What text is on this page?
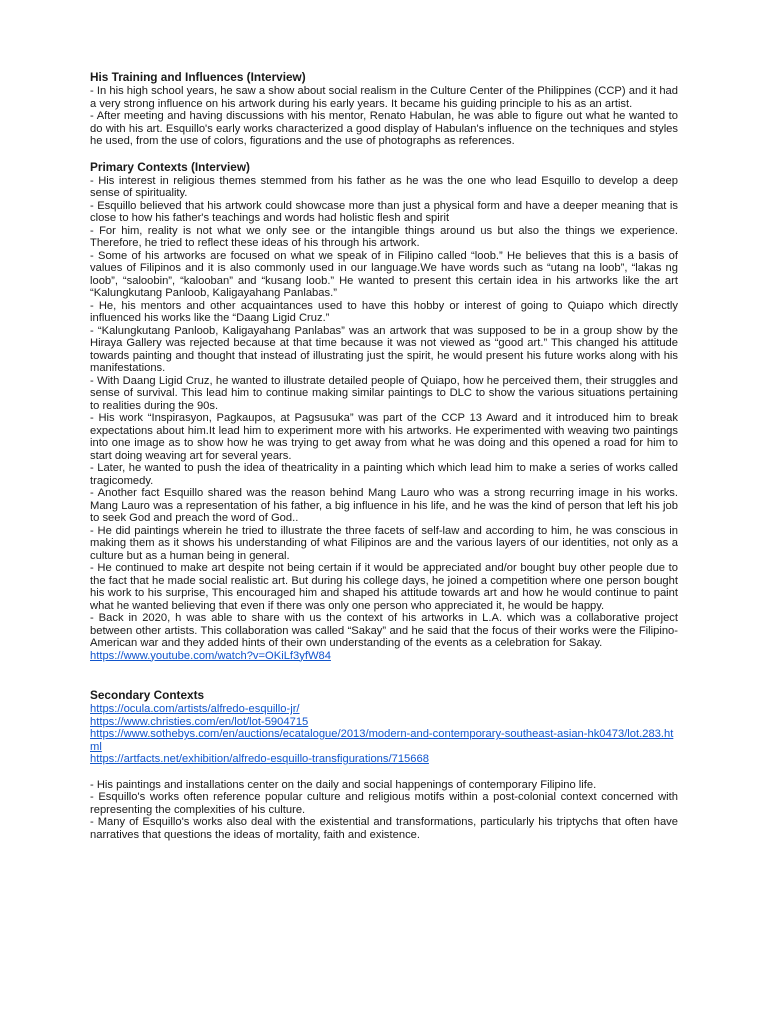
His Training and Influences (Interview)

- In his high school years, he saw a show about social realism in the Culture Center of the Philippines (CCP) and it had a very strong influence on his artwork during his early years. It became his guiding principle to his as an artist.

- After meeting and having discussions with his mentor, Renato Habulan, he was able to figure out what he wanted to do with his art. Esquillo's early works characterized a good display of Habulan's influence on the techniques and styles he used, from the use of colors, figurations and the use of photographs as references.

Primary Contexts (Interview)

- His interest in religious themes stemmed from his father as he was the one who lead Esquillo to develop a deep sense of spirituality.

- Esquillo believed that his artwork could showcase more than just a physical form and have a deeper meaning that is close to how his father's teachings and words had holistic flesh and spirit

- For him, reality is not what we only see or the intangible things around us but also the things we experience. Therefore, he tried to reflect these ideas of his through his artwork.

- Some of his artworks are focused on what we speak of in Filipino called “loob.” He believes that this is a basis of values of Filipinos and it is also commonly used in our language.We have words such as “utang na loob”, “lakas ng loob”, “saloobin”, “kalooban” and “kusang loob.” He wanted to present this certain idea in his artworks like the art “Kalungkutang Panloob, Kaligayahang Panlabas.”

- He, his mentors and other acquaintances used to have this hobby or interest of going to Quiapo which directly influenced his works like the “Daang Ligid Cruz.”

- “Kalungkutang Panloob, Kaligayahang Panlabas” was an artwork that was supposed to be in a group show by the Hiraya Gallery was rejected because at that time because it was not viewed as “good art.” This changed his attitude towards painting and thought that instead of illustrating just the spirit, he would present his future works along with his manifestations.

- With Daang Ligid Cruz, he wanted to illustrate detailed people of Quiapo, how he perceived them, their struggles and sense of survival. This lead him to continue making similar paintings to DLC to show the various situations pertaining to realities during the 90s.

- His work “Inspirasyon, Pagkaupos, at Pagsusuka” was part of the CCP 13 Award and it introduced him to break expectations about him.It lead him to experiment more with his artworks. He experimented with weaving two paintings into one image as to show how he was trying to get away from what he was doing and this opened a road for him to start doing weaving art for several years.

- Later, he wanted to push the idea of theatricality in a painting which which lead him to make a series of works called tragicomedy.

- Another fact Esquillo shared was the reason behind Mang Lauro who was a strong recurring image in his works. Mang Lauro was a representation of his father, a big influence in his life, and he was the kind of person that left his job to seek God and preach the word of God..

- He did paintings wherein he tried to illustrate the three facets of self-law and according to him, he was conscious in making them as it shows his understanding of what Filipinos are and the various layers of our identities, not only as a culture but as a human being in general.

- He continued to make art despite not being certain if it would be appreciated and/or bought buy other people due to the fact that he made social realistic art. But during his college days, he joined a competition where one person bought his work to his surprise, This encouraged him and shaped his attitude towards art and how he would continue to paint what he wanted believing that even if there was only one person who appreciated it, he would be happy.

- Back in 2020, h was able to share with us the context of his artworks in L.A. which was a collaborative project between other artists. This collaboration was called “Sakay” and he said that the focus of their works were the Filipino-American war and they added hints of their own understanding of the events as a celebration for Sakay.

https://www.youtube.com/watch?v=OKiLf3yfW84
Secondary Contexts
https://ocula.com/artists/alfredo-esquillo-jr/
https://www.christies.com/en/lot/lot-5904715
https://www.sothebys.com/en/auctions/ecatalogue/2013/modern-and-contemporary-southeast-asian-hk0473/lot.283.html
https://artfacts.net/exhibition/alfredo-esquillo-transfigurations/715668

- His paintings and installations center on the daily and social happenings of contemporary Filipino life.

- Esquillo's works often reference popular culture and religious motifs within a post-colonial context concerned with representing the complexities of his culture.

- Many of Esquillo's works also deal with the existential and transformations, particularly his triptychs that often have narratives that questions the ideas of mortality, faith and existence.
